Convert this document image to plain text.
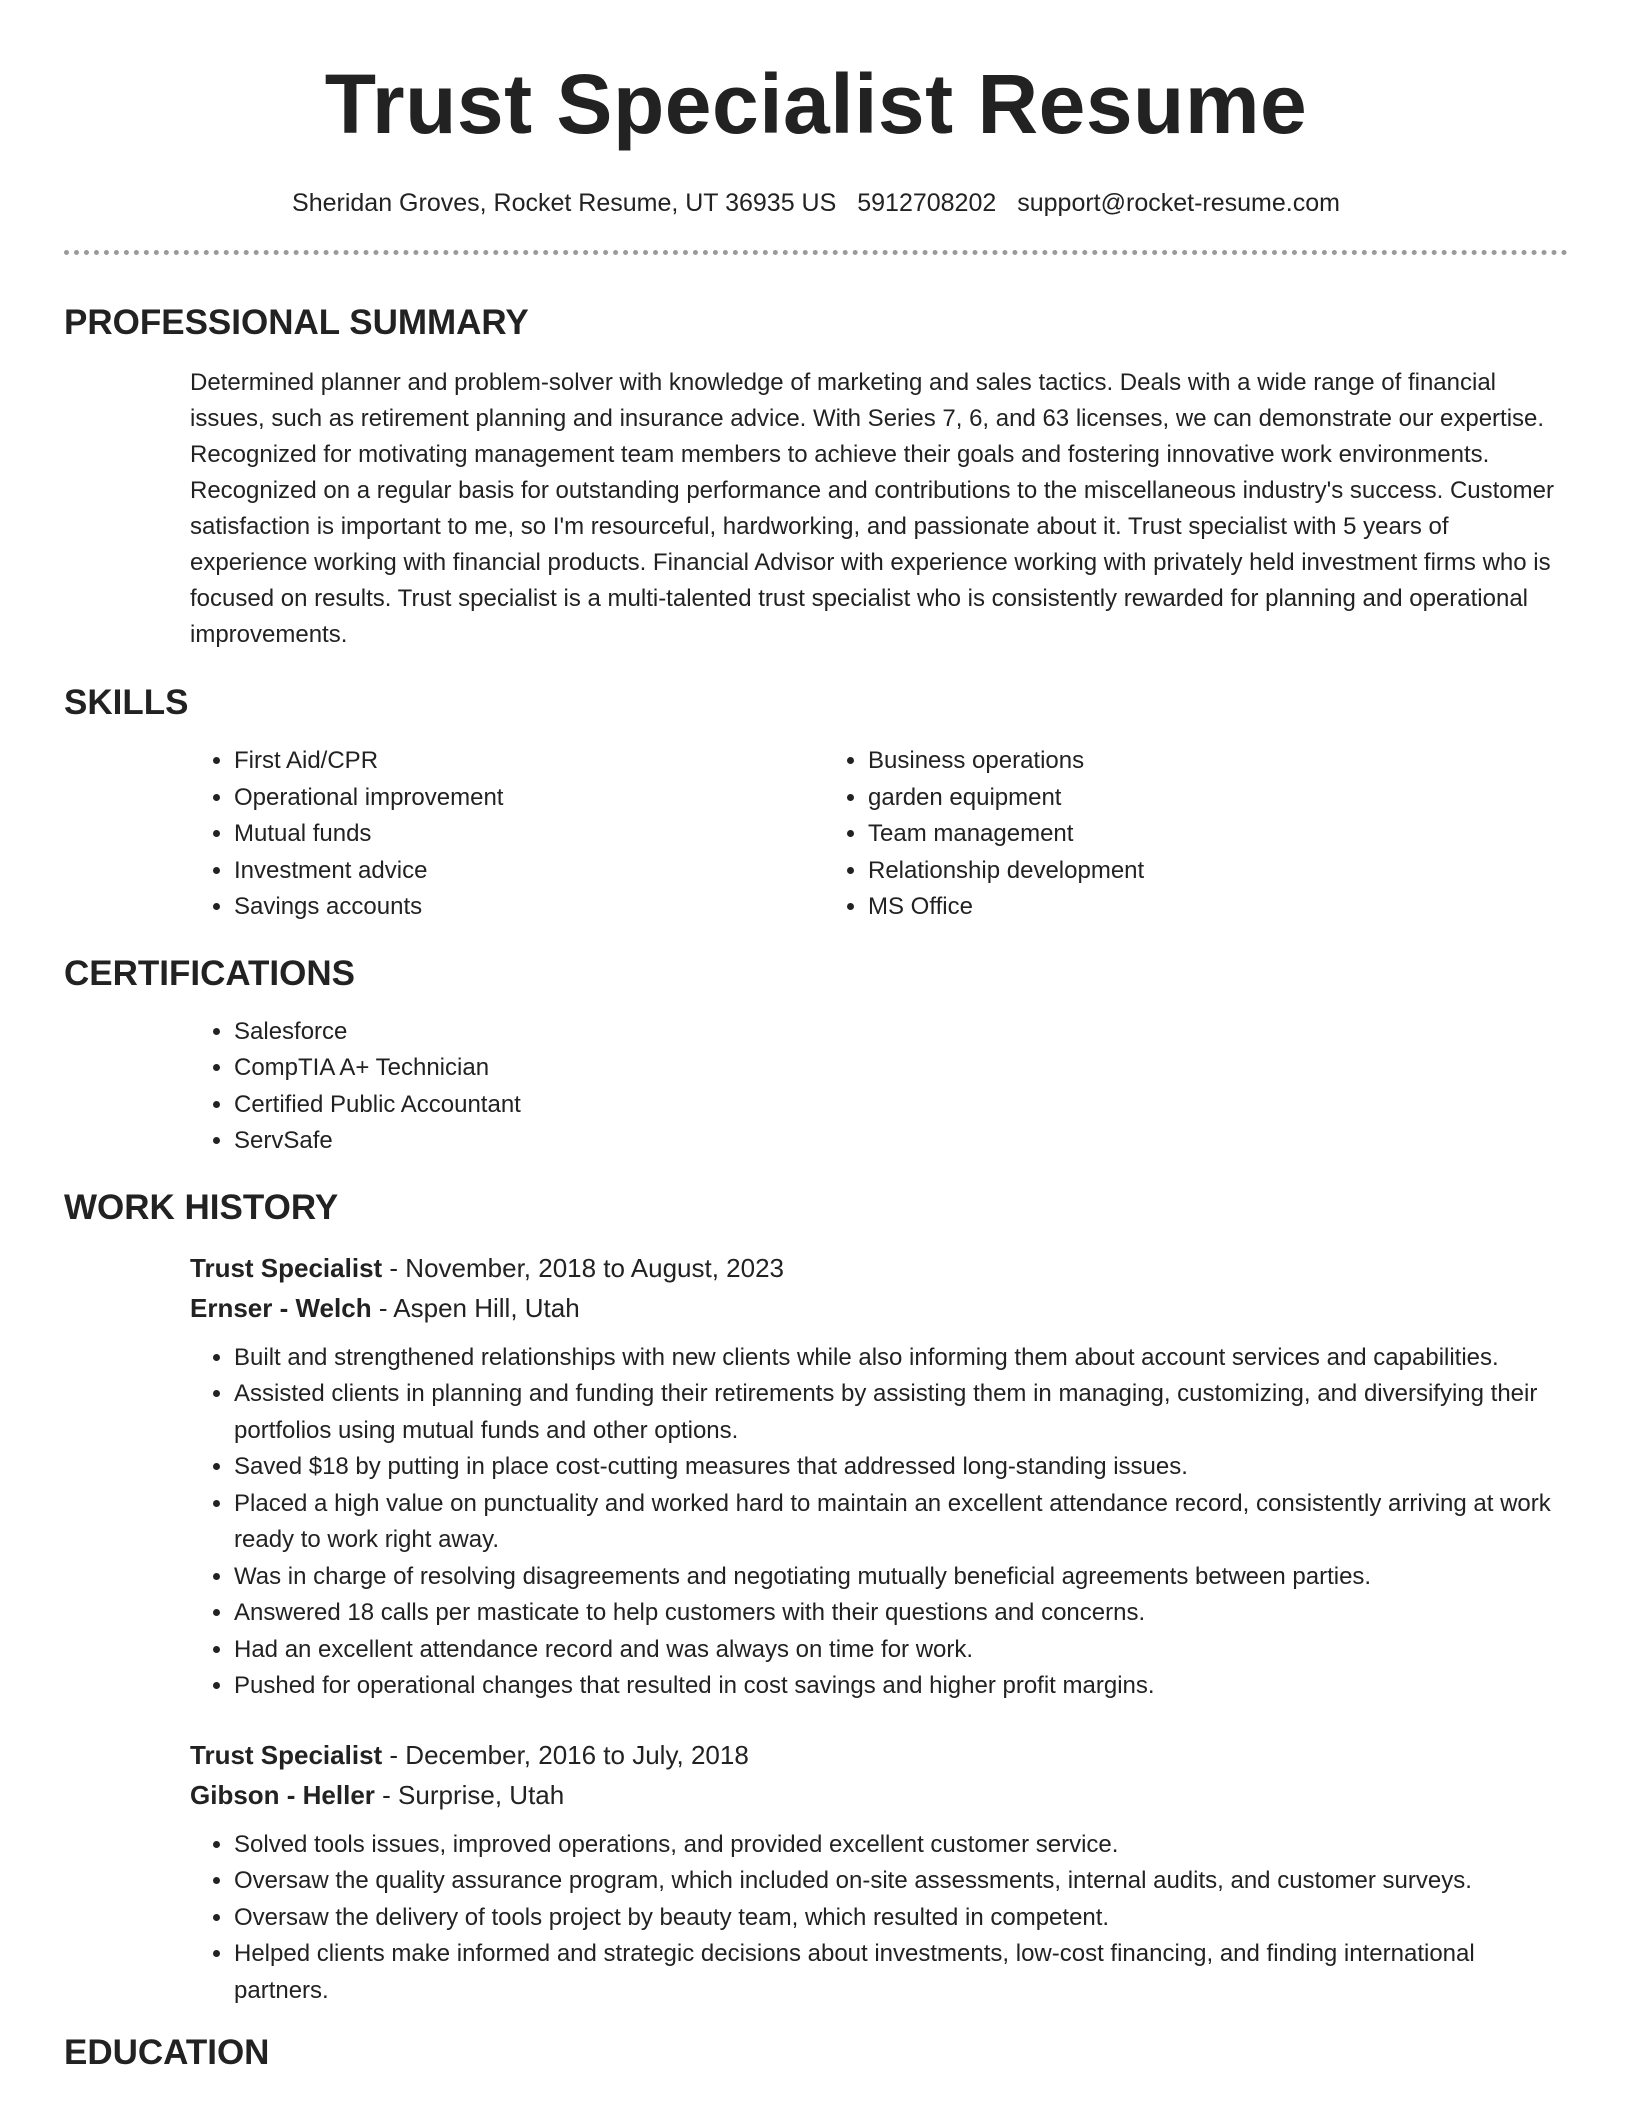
Trust Specialist Resume
Sheridan Groves, Rocket Resume, UT 36935 US 5912708202 support@rocket-resume.com
PROFESSIONAL SUMMARY

Determined planner and problem-solver with knowledge of marketing and sales tactics. Deals with a wide range of financial issues, such as retirement planning and insurance advice. With Series 7, 6, and 63 licenses, we can demonstrate our expertise. Recognized for motivating management team members to achieve their goals and fostering innovative work environments. Recognized on a regular basis for outstanding performance and contributions to the miscellaneous industry's success. Customer satisfaction is important to me, so I'm resourceful, hardworking, and passionate about it. Trust specialist with 5 years of experience working with financial products. Financial Advisor with experience working with privately held investment firms who is focused on results. Trust specialist is a multi-talented trust specialist who is consistently rewarded for planning and operational improvements.

SKILLS
• First Aid/CPR
• Operational improvement
• Mutual funds
• Investment advice
• Savings accounts
• Business operations
• garden equipment
• Team management
• Relationship development
• MS Office
CERTIFICATIONS
• Salesforce
• CompTIA A+ Technician
• Certified Public Accountant
• ServSafe
WORK HISTORY
Trust Specialist - November, 2018 to August, 2023
Ernser - Welch - Aspen Hill, Utah
• Built and strengthened relationships with new clients while also informing them about account services and capabilities.
• Assisted clients in planning and funding their retirements by assisting them in managing, customizing, and diversifying their portfolios using mutual funds and other options.
• Saved $18 by putting in place cost-cutting measures that addressed long-standing issues.
• Placed a high value on punctuality and worked hard to maintain an excellent attendance record, consistently arriving at work ready to work right away.
• Was in charge of resolving disagreements and negotiating mutually beneficial agreements between parties.
• Answered 18 calls per masticate to help customers with their questions and concerns.
• Had an excellent attendance record and was always on time for work.
• Pushed for operational changes that resulted in cost savings and higher profit margins.
Trust Specialist - December, 2016 to July, 2018
Gibson - Heller - Surprise, Utah
• Solved tools issues, improved operations, and provided excellent customer service.
• Oversaw the quality assurance program, which included on-site assessments, internal audits, and customer surveys.
• Oversaw the delivery of tools project by beauty team, which resulted in competent.
• Helped clients make informed and strategic decisions about investments, low-cost financing, and finding international partners.
EDUCATION
